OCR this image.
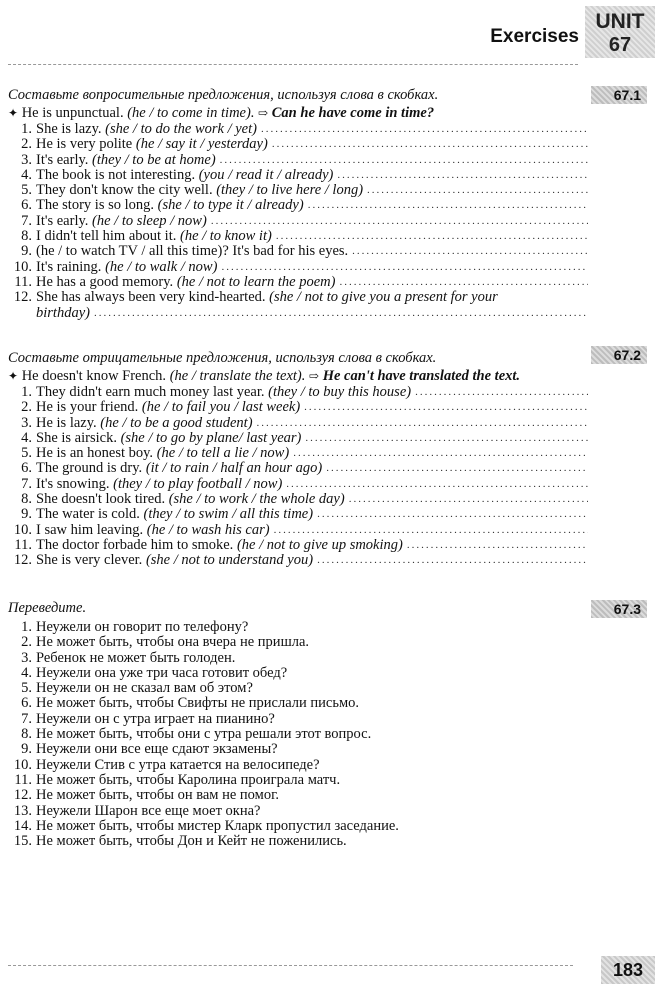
Exercises
UNIT
67
67.1
Составьте вопросительные предложения, используя слова в скобках.
✦ He is unpunctual. (he / to come in time). ⇨ Can he have come in time?
1. She is lazy. (she / to do the work / yet)
.....
2. He is very polite (he / say it / yesterday)
.....
3. It's early. (they / to be at home)
.....
4. The book is not interesting. (you / read it / already)
.....
5. They don't know the city well. (they / to live here / long)
.....
6. The story is so long. (she / to type it / already)
.....
7. It's early. (he / to sleep / now)
.....
8. I didn't tell him about it. (he / to know it)
.....
9. (he / to watch TV / all this time)? It's bad for his eyes.
.....
10. It's raining. (he / to walk / now)
.....
11. He has a good memory. (he / not to learn the poem)
.....
12. She has always been very kind-hearted. (she / not to give you a present for your
birthday)
.....
67.2
Составьте отрицательные предложения, используя слова в скобках.
✦ He doesn't know French. (he / translate the text). ⇨ He can't have translated the text.
1. They didn't earn much money last year. (they / to buy this house)
.....
2. He is your friend. (he / to fail you / last week)
.....
3. He is lazy. (he / to be a good student)
.....
4. She is airsick. (she / to go by plane/ last year)
.....
5. He is an honest boy. (he / to tell a lie / now)
.....
6. The ground is dry. (it / to rain / half an hour ago)
.....
7. It's snowing. (they / to play football / now)
.....
8. She doesn't look tired. (she / to work / the whole day)
.....
9. The water is cold. (they / to swim / all this time)
.....
10. I saw him leaving. (he / to wash his car)
.....
11. The doctor forbade him to smoke. (he / not to give up smoking)
.....
12. She is very clever. (she / not to understand you)
.....
67.3
Переведите.
1. Неужели он говорит по телефону?
2. Не может быть, чтобы она вчера не пришла.
3. Ребенок не может быть голоден.
4. Неужели она уже три часа готовит обед?
5. Неужели он не сказал вам об этом?
6. Не может быть, чтобы Свифты не прислали письмо.
7. Неужели он с утра играет на пианино?
8. Не может быть, чтобы они с утра решали этот вопрос.
9. Неужели они все еще сдают экзамены?
10. Неужели Стив с утра катается на велосипеде?
11. Не может быть, чтобы Каролина проиграла матч.
12. Не может быть, чтобы он вам не помог.
13. Неужели Шарон все еще моет окна?
14. Не может быть, чтобы мистер Кларк пропустил заседание.
15. Не может быть, чтобы Дон и Кейт не поженились.
183
